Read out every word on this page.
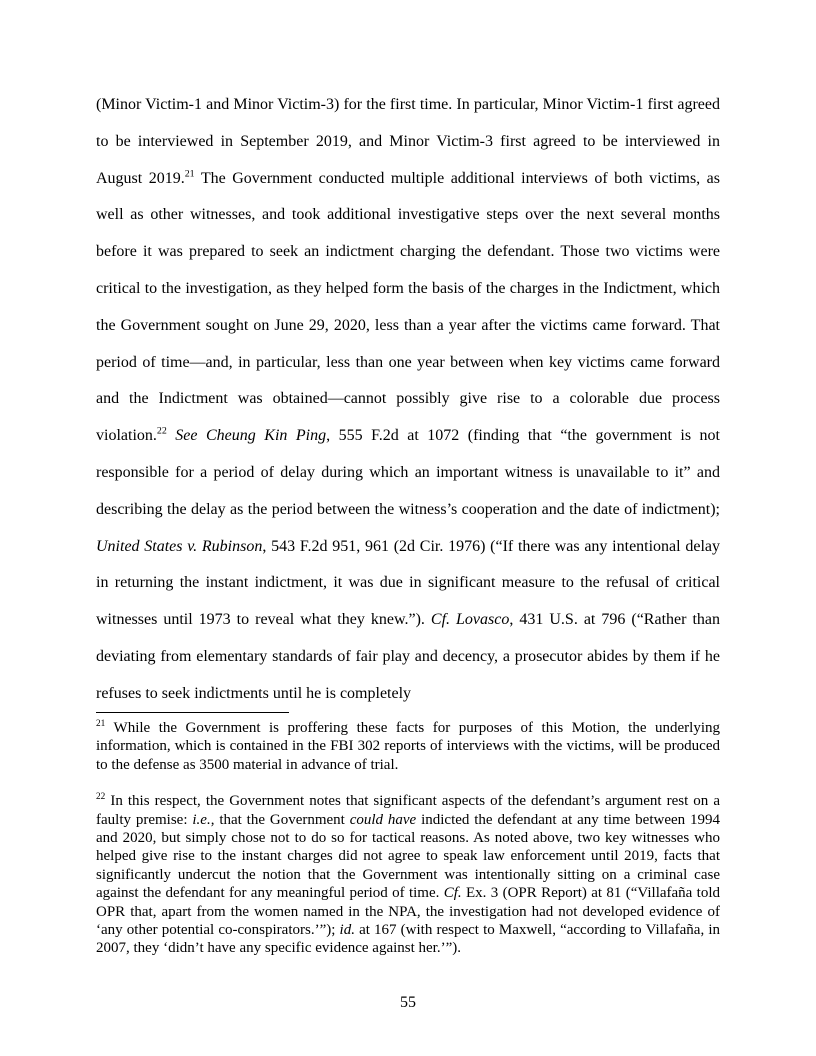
(Minor Victim-1 and Minor Victim-3) for the first time. In particular, Minor Victim-1 first agreed to be interviewed in September 2019, and Minor Victim-3 first agreed to be interviewed in August 2019.21 The Government conducted multiple additional interviews of both victims, as well as other witnesses, and took additional investigative steps over the next several months before it was prepared to seek an indictment charging the defendant. Those two victims were critical to the investigation, as they helped form the basis of the charges in the Indictment, which the Government sought on June 29, 2020, less than a year after the victims came forward. That period of time—and, in particular, less than one year between when key victims came forward and the Indictment was obtained—cannot possibly give rise to a colorable due process violation.$^{22}$ See Cheung Kin Ping, 555 F.2d at 1072 (finding that “the government is not responsible for a period of delay during which an important witness is unavailable to it” and describing the delay as the period between the witness’s cooperation and the date of indictment); United States v. Rubinson, 543 F.2d 951, 961 (2d Cir. 1976) (“If there was any intentional delay in returning the instant indictment, it was due in significant measure to the refusal of critical witnesses until 1973 to reveal what they knew.”). Cf. Lovasco, 431 U.S. at 796 (“Rather than deviating from elementary standards of fair play and decency, a prosecutor abides by them if he refuses to seek indictments until he is completely

$^{21}$ While the Government is proffering these facts for purposes of this Motion, the underlying information, which is contained in the FBI 302 reports of interviews with the victims, will be produced to the defense as 3500 material in advance of trial.

$^{22}$ In this respect, the Government notes that significant aspects of the defendant’s argument rest on a faulty premise: i.e., that the Government could have indicted the defendant at any time between 1994 and 2020, but simply chose not to do so for tactical reasons. As noted above, two key witnesses who helped give rise to the instant charges did not agree to speak law enforcement until 2019, facts that significantly undercut the notion that the Government was intentionally sitting on a criminal case against the defendant for any meaningful period of time. Cf. Ex. 3 (OPR Report) at 81 (“Villafaña told OPR that, apart from the women named in the NPA, the investigation had not developed evidence of ‘any other potential co-conspirators.’”); id. at 167 (with respect to Maxwell, “according to Villafaña, in 2007, they ‘didn’t have any specific evidence against her.’”).

55
